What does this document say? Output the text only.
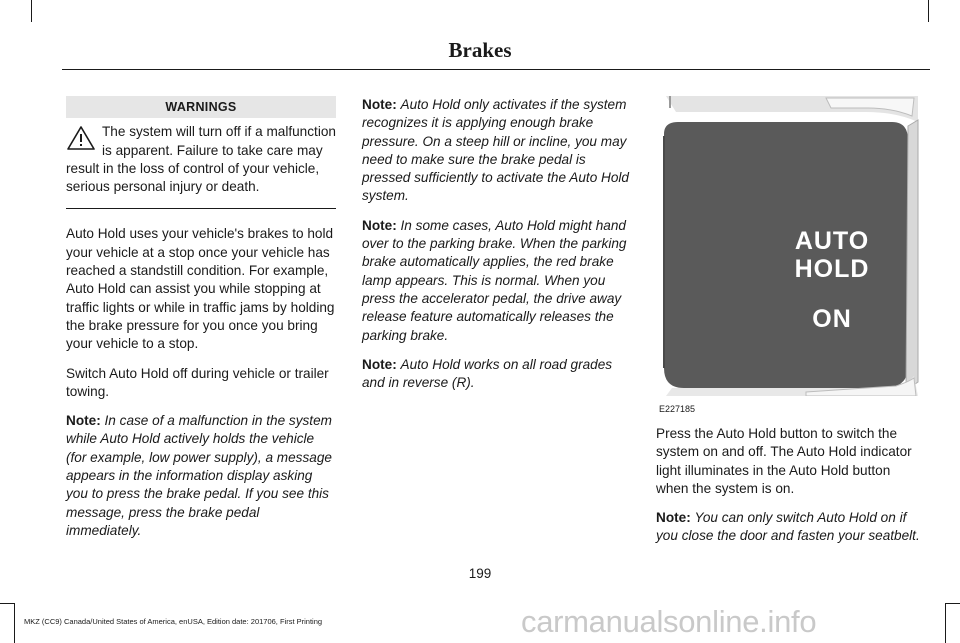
Brakes
WARNINGS
The system will turn off if a malfunction is apparent. Failure to take care may result in the loss of control of your vehicle, serious personal injury or death.

Auto Hold uses your vehicle's brakes to hold your vehicle at a stop once your vehicle has reached a standstill condition. For example, Auto Hold can assist you while stopping at traffic lights or while in traffic jams by holding the brake pressure for you once you bring your vehicle to a stop.

Switch Auto Hold off during vehicle or trailer towing.

Note: In case of a malfunction in the system while Auto Hold actively holds the vehicle (for example, low power supply), a message appears in the information display asking you to press the brake pedal. If you see this message, press the brake pedal immediately.

Note: Auto Hold only activates if the system recognizes it is applying enough brake pressure. On a steep hill or incline, you may need to make sure the brake pedal is pressed sufficiently to activate the Auto Hold system.

Note: In some cases, Auto Hold might hand over to the parking brake. When the parking brake automatically applies, the red brake lamp appears. This is normal. When you press the accelerator pedal, the drive away release feature automatically releases the parking brake.

Note: Auto Hold works on all road grades and in reverse (R).

AUTO
HOLD
ON
E227185

Press the Auto Hold button to switch the system on and off. The Auto Hold indicator light illuminates in the Auto Hold button when the system is on.

Note: You can only switch Auto Hold on if you close the door and fasten your seatbelt.

199
MKZ (CC9) Canada/United States of America, enUSA, Edition date: 201706, First Printing	carmanualsonline.info
